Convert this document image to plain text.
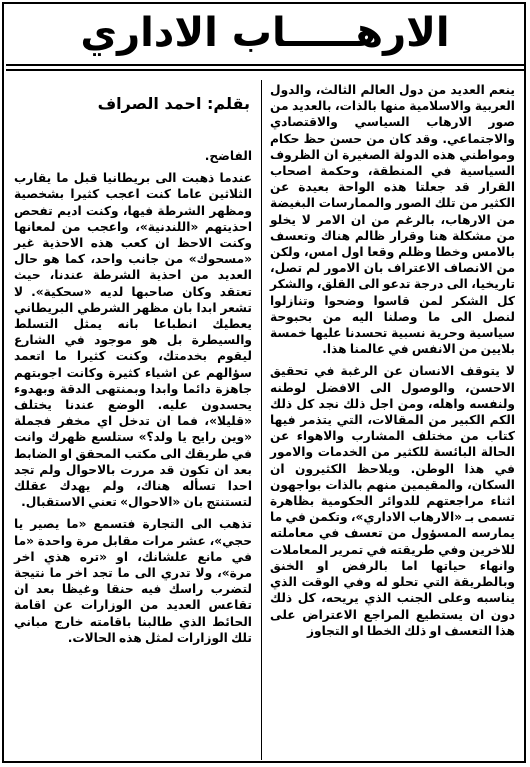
الارهـــــاب الاداري

ينعم العديد من دول العالم الثالث، والدول العربية والاسلامية منها بالذات، بالعديد من صور الارهاب السياسي والاقتصادي والاجتماعي. وقد كان من حسن حظ حكام ومواطني هذه الدولة الصغيرة ان الظروف السياسية في المنطقة، وحكمة اصحاب القرار قد جعلتا هذه الواحة بعيدة عن الكثير من تلك الصور والممارسات البغيضة من الارهاب، بالرغم من ان الامر لا يخلو من مشكلة هنا وقرار ظالم هناك وتعسف بالامس وخطا وظلم وقعا اول امس، ولكن من الانصاف الاعتراف بان الامور لم تصل، تاريخيا، الى درجة تدعو الى القلق، والشكر كل الشكر لمن قاسوا وضحوا وتنازلوا لنصل الى ما وصلنا اليه من بحبوحة سياسية وحرية نسبية تحسدنا عليها خمسة بلايين من الانفس في عالمنا هذا.

لا يتوقف الانسان عن الرغبة في تحقيق الاحسن، والوصول الى الافضل لوطنه ولنفسه واهله، ومن اجل ذلك نجد كل ذلك الكم الكبير من المقالات، التي يتذمر فيها كتاب من مختلف المشارب والاهواء عن الحالة البائسة للكثير من الخدمات والامور في هذا الوطن. ويلاحظ الكثيرون ان السكان، والمقيمين منهم بالذات بواجهون اثناء مراجعتهم للدوائر الحكومية بظاهرة تسمى بـ «الارهاب الاداري»، وتكمن في ما يمارسه المسؤول من تعسف في معاملته للاخرين وفي طريقته في تمرير المعاملات وانهاء حياتها اما بالرفض او الخنق وبالطريقة التي تحلو له وفي الوقت الذي يناسبه وعلى الجنب الذي يريحه، كل ذلك دون ان يستطيع المراجع الاعتراض على هذا التعسف او ذلك الخطا او التجاوز

بقلم: احمد الصراف

الفاضح.

عندما ذهبت الى بريطانيا قبل ما يقارب الثلاثين عاما كنت اعجب كثيرا بشخصية ومظهر الشرطة فيها، وكنت اديم تفحص احذيتهم «اللندنية»، واعجب من لمعانها وكنت الاحظ ان كعب هذه الاحذية غير «مسحوك» من جانب واحد، كما هو حال العديد من احذية الشرطة عندنا، حيث تعتقد وكان صاحبها لديه «سحكية». لا تشعر ابدا بان مظهر الشرطي البريطاني يعطيك انطباعا بانه يمثل التسلط والسيطرة بل هو موجود في الشارع ليقوم بخدمتك، وكنت كثيرا ما اتعمد سؤالهم عن اشياء كثيرة وكانت اجوبتهم جاهزة دائما وابدا وبمنتهى الدقة وبهدوء يحسدون عليه. الوضع عندنا يختلف «قليلا»، فما ان تدخل اي مخفر فجملة «وين رايح يا ولد؟» ستلسع ظهرك وانت في طريقك الى مكتب المحقق او الضابط بعد ان تكون قد مررت بالاحوال ولم تجد احدا تسأله هناك، ولم يهدك عقلك لتستنتج بان «الاحوال» تعني الاستقبال.

تذهب الى التجارة فتسمع «ما يصير يا حجي»، عشر مرات مقابل مرة واحدة «ما في مانع علشانك، او «تره هذي اخر مرة»، ولا تدري الى ما تجد اخر ما نتيجة لتضرب راسك فيه حنقا وغيظا بعد ان تقاعس العديد من الوزارات عن اقامة الحائط الذي طالبنا باقامته خارج مباني تلك الوزارات لمثل هذه الحالات.
